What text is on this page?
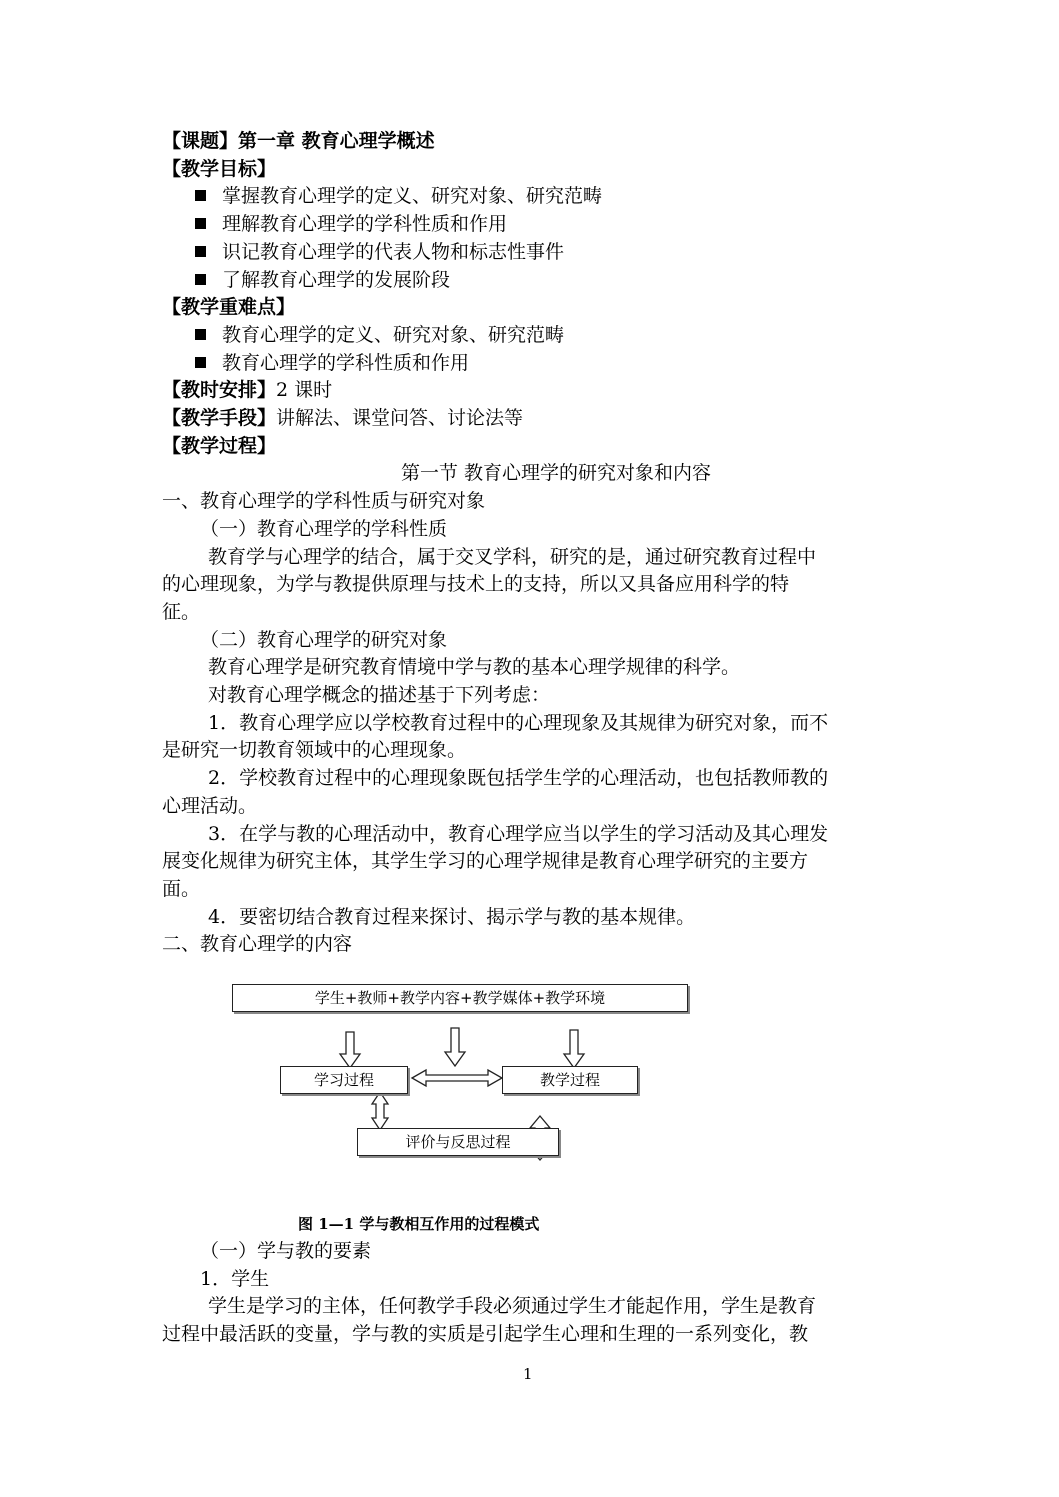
【课题】第一章 教育心理学概述
【教学目标】
掌握教育心理学的定义、研究对象、研究范畴
理解教育心理学的学科性质和作用
识记教育心理学的代表人物和标志性事件
了解教育心理学的发展阶段
【教学重难点】
教育心理学的定义、研究对象、研究范畴
教育心理学的学科性质和作用
【教时安排】2 课时
【教学手段】讲解法、课堂问答、讨论法等
【教学过程】
第一节 教育心理学的研究对象和内容
一、教育心理学的学科性质与研究对象
（一）教育心理学的学科性质
教育学与心理学的结合，属于交叉学科，研究的是，通过研究教育过程中
的心理现象，为学与教提供原理与技术上的支持，所以又具备应用科学的特
征。
（二）教育心理学的研究对象
教育心理学是研究教育情境中学与教的基本心理学规律的科学。
对教育心理学概念的描述基于下列考虑：
1．教育心理学应以学校教育过程中的心理现象及其规律为研究对象，而不
是研究一切教育领域中的心理现象。
2．学校教育过程中的心理现象既包括学生学的心理活动，也包括教师教的
心理活动。
3．在学与教的心理活动中，教育心理学应当以学生的学习活动及其心理发
展变化规律为研究主体，其学生学习的心理学规律是教育心理学研究的主要方
面。
4．要密切结合教育过程来探讨、揭示学与教的基本规律。
二、教育心理学的内容
学生+教师+教学内容+教学媒体+教学环境
学习过程	教学过程
评价与反思过程
图 1—1 学与教相互作用的过程模式
（一）学与教的要素
1．学生
学生是学习的主体，任何教学手段必须通过学生才能起作用，学生是教育
过程中最活跃的变量，学与教的实质是引起学生心理和生理的一系列变化，教
1
